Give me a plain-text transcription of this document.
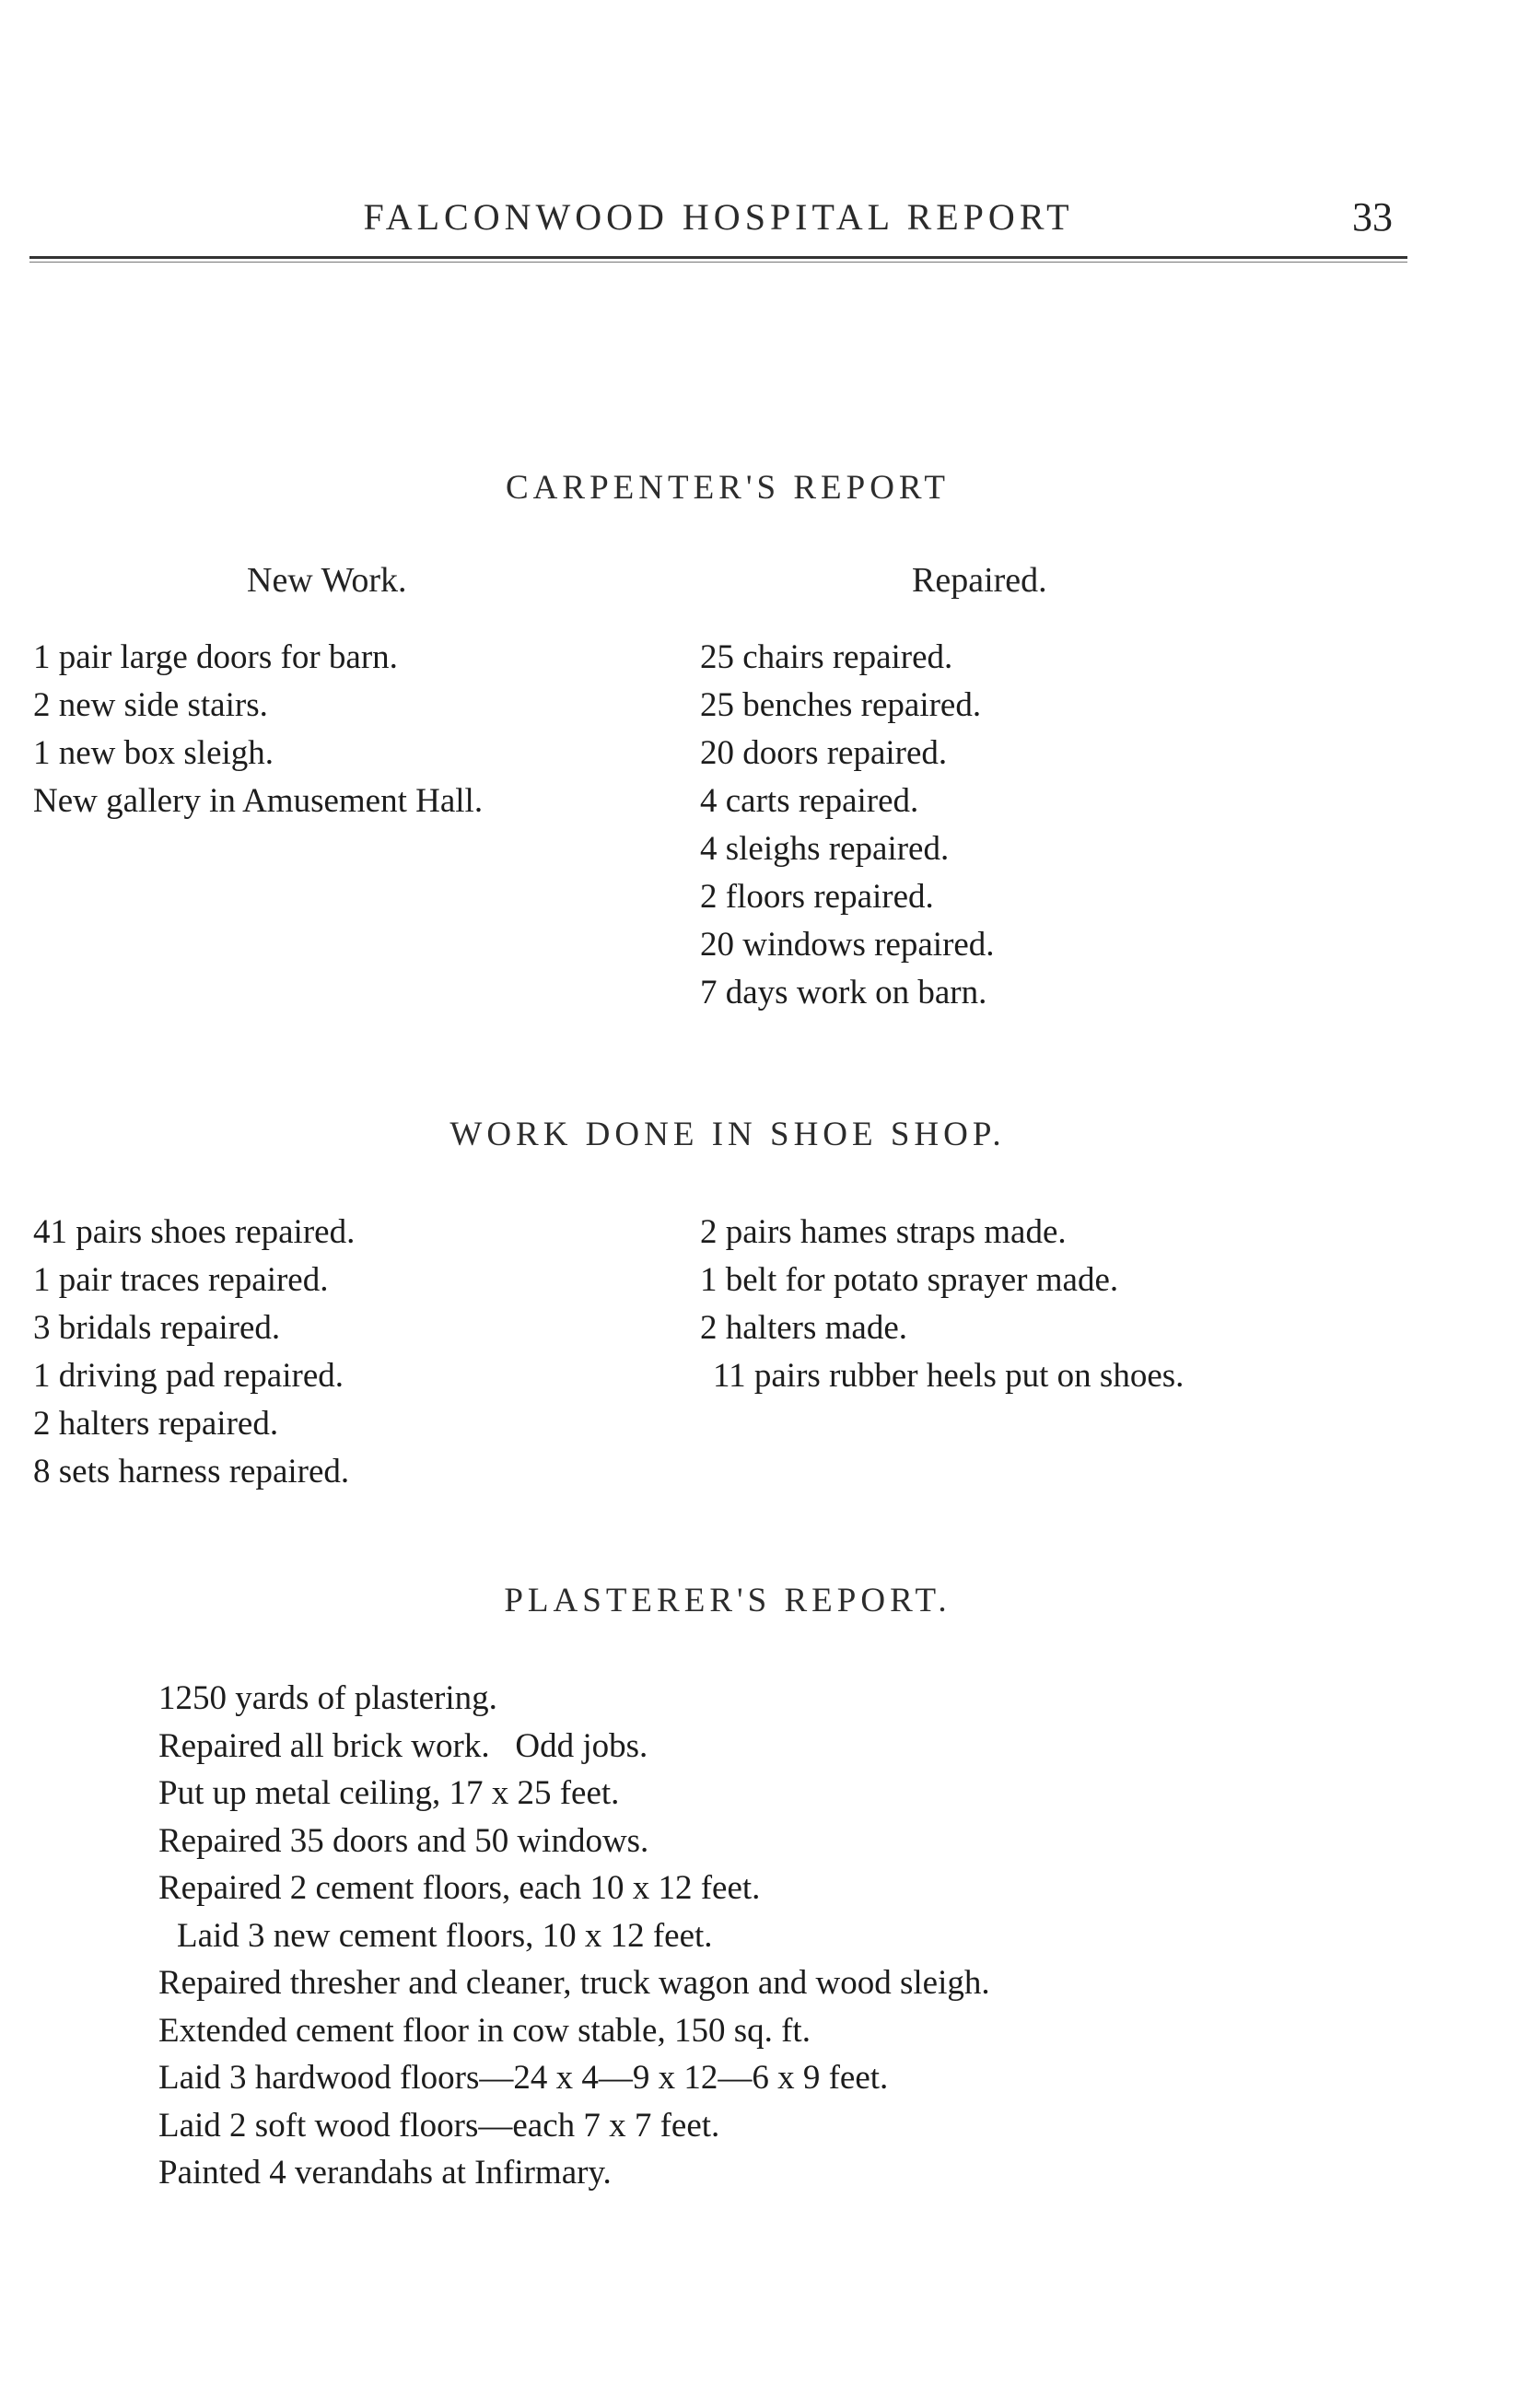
FALCONWOOD HOSPITAL REPORT	33
CARPENTER'S REPORT
New Work.	Repaired.
1 pair large doors for barn.
2 new side stairs.
1 new box sleigh.
New gallery in Amusement Hall.
25 chairs repaired.
25 benches repaired.
20 doors repaired.
4 carts repaired.
4 sleighs repaired.
2 floors repaired.
20 windows repaired.
7 days work on barn.
WORK DONE IN SHOE SHOP.
41 pairs shoes repaired.
1 pair traces repaired.
3 bridals repaired.
1 driving pad repaired.
2 halters repaired.
8 sets harness repaired.
2 pairs hames straps made.
1 belt for potato sprayer made.
2 halters made.
11 pairs rubber heels put on shoes.
PLASTERER'S REPORT.
1250 yards of plastering.
Repaired all brick work.   Odd jobs.
Put up metal ceiling, 17 x 25 feet.
Repaired 35 doors and 50 windows.
Repaired 2 cement floors, each 10 x 12 feet.
Laid 3 new cement floors, 10 x 12 feet.
Repaired thresher and cleaner, truck wagon and wood sleigh.
Extended cement floor in cow stable, 150 sq. ft.
Laid 3 hardwood floors—24 x 4—9 x 12—6 x 9 feet.
Laid 2 soft wood floors—each 7 x 7 feet.
Painted 4 verandahs at Infirmary.
